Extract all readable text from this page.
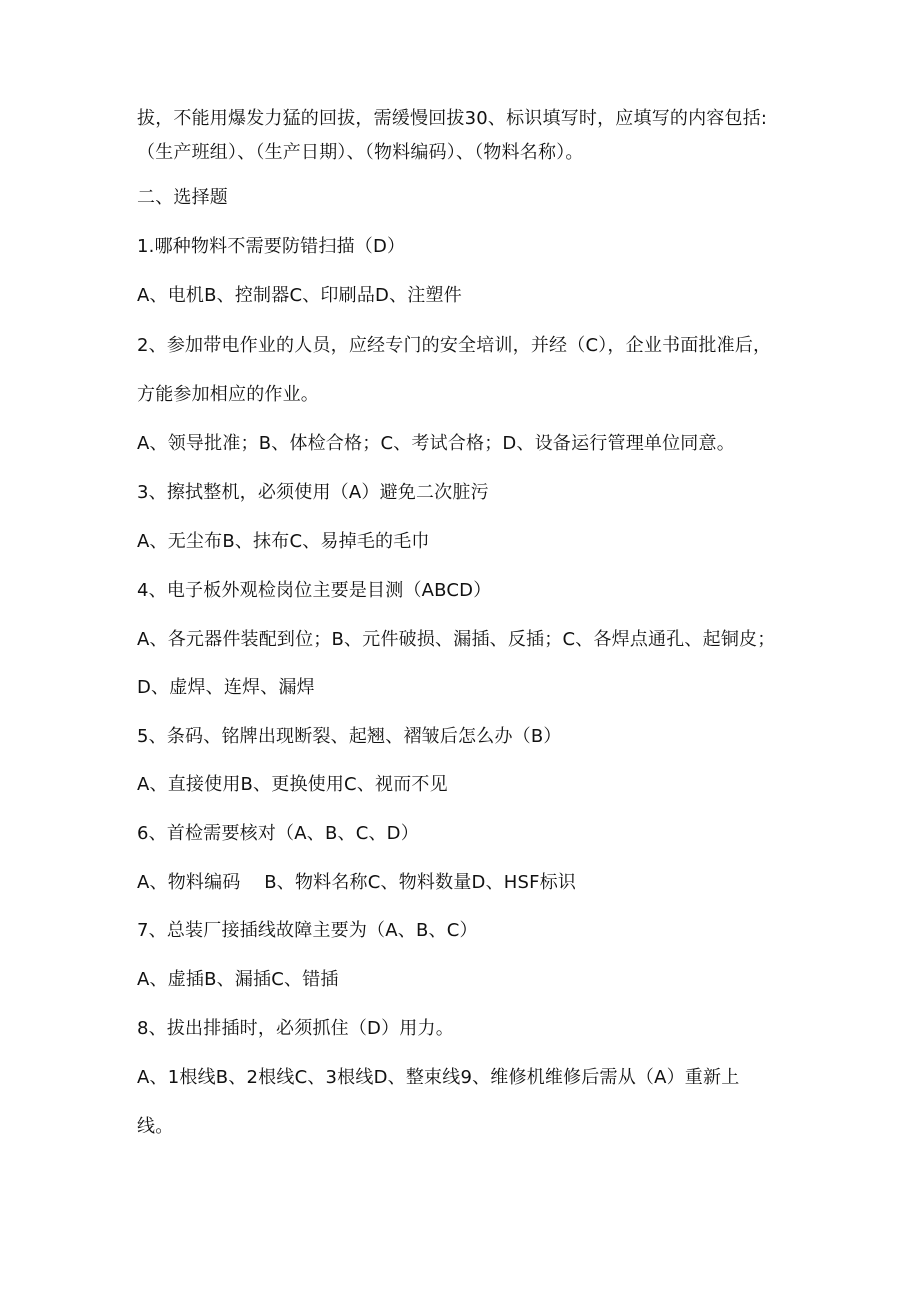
拔，不能用爆发力猛的回拔，需缓慢回拔30、标识填写时，应填写的内容包括:
（生产班组）、（生产日期）、（物料编码）、（物料名称）。
二、选择题
1.哪种物料不需要防错扫描（D）
A、电机B、控制器C、印刷品D、注塑件
2、参加带电作业的人员，应经专门的安全培训，并经（C），企业书面批准后，
方能参加相应的作业。
A、领导批准；B、体检合格；C、考试合格；D、设备运行管理单位同意。
3、擦拭整机，必须使用（A）避免二次脏污
A、无尘布B、抹布C、易掉毛的毛巾
4、电子板外观检岗位主要是目测（ABCD）
A、各元器件装配到位；B、元件破损、漏插、反插；C、各焊点通孔、起铜皮；
D、虚焊、连焊、漏焊
5、条码、铭牌出现断裂、起翘、褶皱后怎么办（B）
A、直接使用B、更换使用C、视而不见
6、首检需要核对（A、B、C、D）
A、物料编码    B、物料名称C、物料数量D、HSF标识
7、总装厂接插线故障主要为（A、B、C）
A、虚插B、漏插C、错插
8、拔出排插时，必须抓住（D）用力。
A、1根线B、2根线C、3根线D、整束线9、维修机维修后需从（A）重新上
线。
